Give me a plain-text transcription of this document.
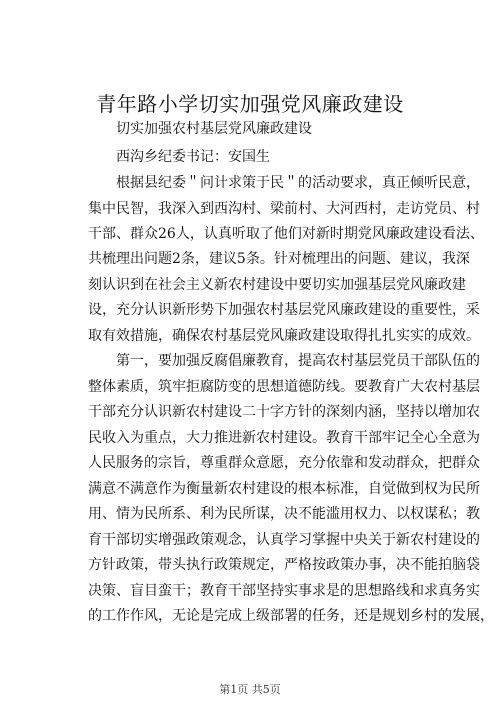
青年路小学切实加强党风廉政建设
切实加强农村基层党风廉政建设
西沟乡纪委书记：安国生
根据县纪委＂问计求策于民＂的活动要求，真正倾听民意，
集中民智，我深入到西沟村、梁前村、大河西村，走访党员、村
干部、群众26人，认真听取了他们对新时期党风廉政建设看法、
共梳理出问题2条，建议5条。针对梳理出的问题、建议，我深
刻认识到在社会主义新农村建设中要切实加强基层党风廉政建
设，充分认识新形势下加强农村基层党风廉政建设的重要性，采
取有效措施，确保农村基层党风廉政建设取得扎扎实实的成效。
第一，要加强反腐倡廉教育，提高农村基层党员干部队伍的
整体素质，筑牢拒腐防变的思想道德防线。要教育广大农村基层
干部充分认识新农村建设二十字方针的深刻内涵，坚持以增加农
民收入为重点，大力推进新农村建设。教育干部牢记全心全意为
人民服务的宗旨，尊重群众意愿，充分依靠和发动群众，把群众
满意不满意作为衡量新农村建设的根本标准，自觉做到权为民所
用、情为民所系、利为民所谋，决不能滥用权力、以权谋私；教
育干部切实增强政策观念，认真学习掌握中央关于新农村建设的
方针政策，带头执行政策规定，严格按政策办事，决不能拍脑袋
决策、盲目蛮干；教育干部坚持实事求是的思想路线和求真务实
的工作作风，无论是完成上级部署的任务，还是规划乡村的发展，
第1页 共5页
